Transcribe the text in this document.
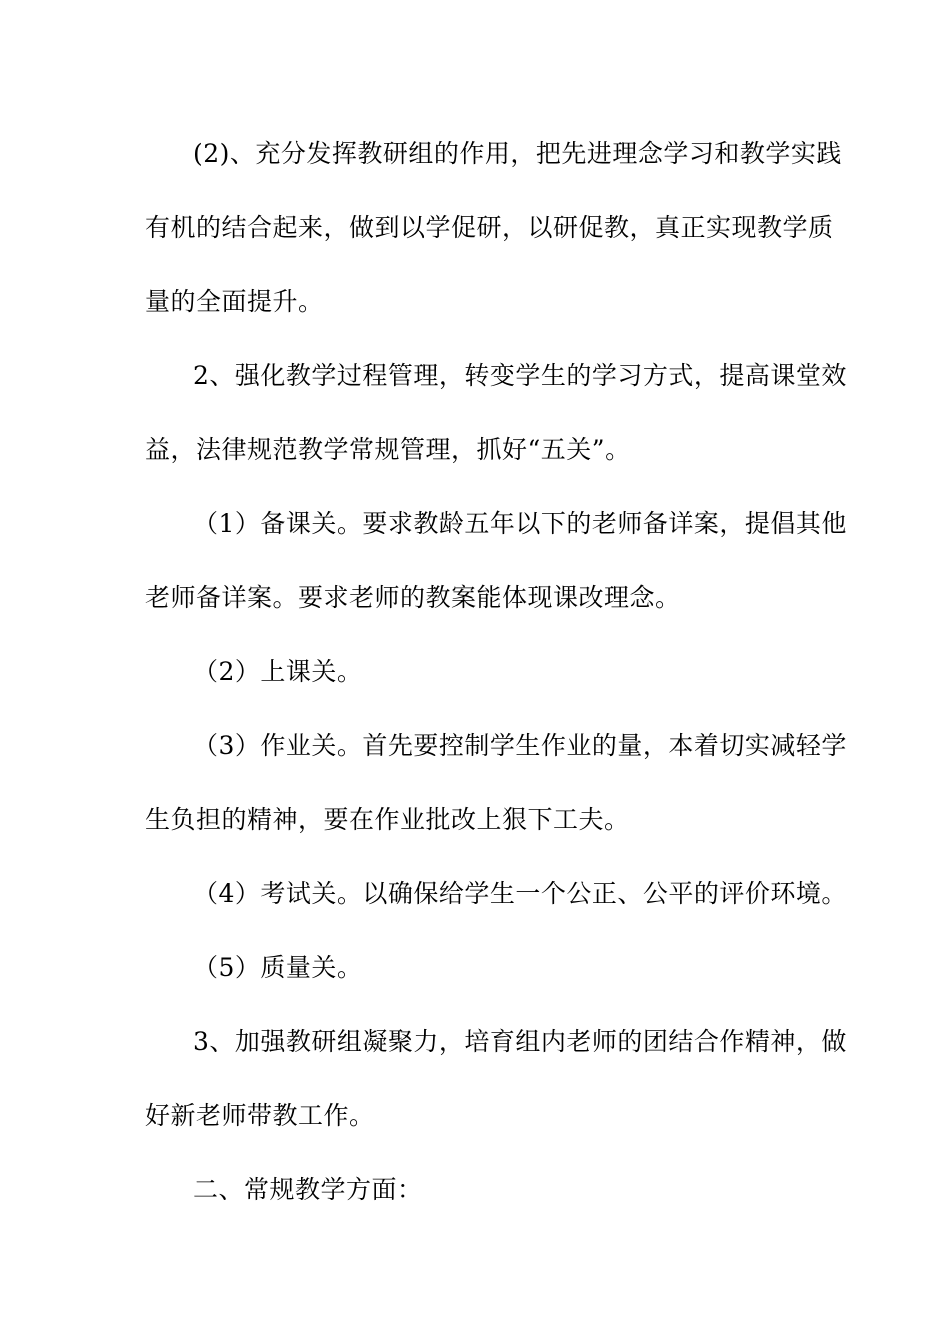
(2)、充分发挥教研组的作用，把先进理念学习和教学实践
有机的结合起来，做到以学促研，以研促教，真正实现教学质
量的全面提升。
2、强化教学过程管理，转变学生的学习方式，提高课堂效
益，法律规范教学常规管理，抓好“五关”。
（1）备课关。要求教龄五年以下的老师备详案，提倡其他
老师备详案。要求老师的教案能体现课改理念。
（2）上课关。
（3）作业关。首先要控制学生作业的量，本着切实减轻学
生负担的精神，要在作业批改上狠下工夫。
（4）考试关。以确保给学生一个公正、公平的评价环境。
（5）质量关。
3、加强教研组凝聚力，培育组内老师的团结合作精神，做
好新老师带教工作。
二、常规教学方面：
